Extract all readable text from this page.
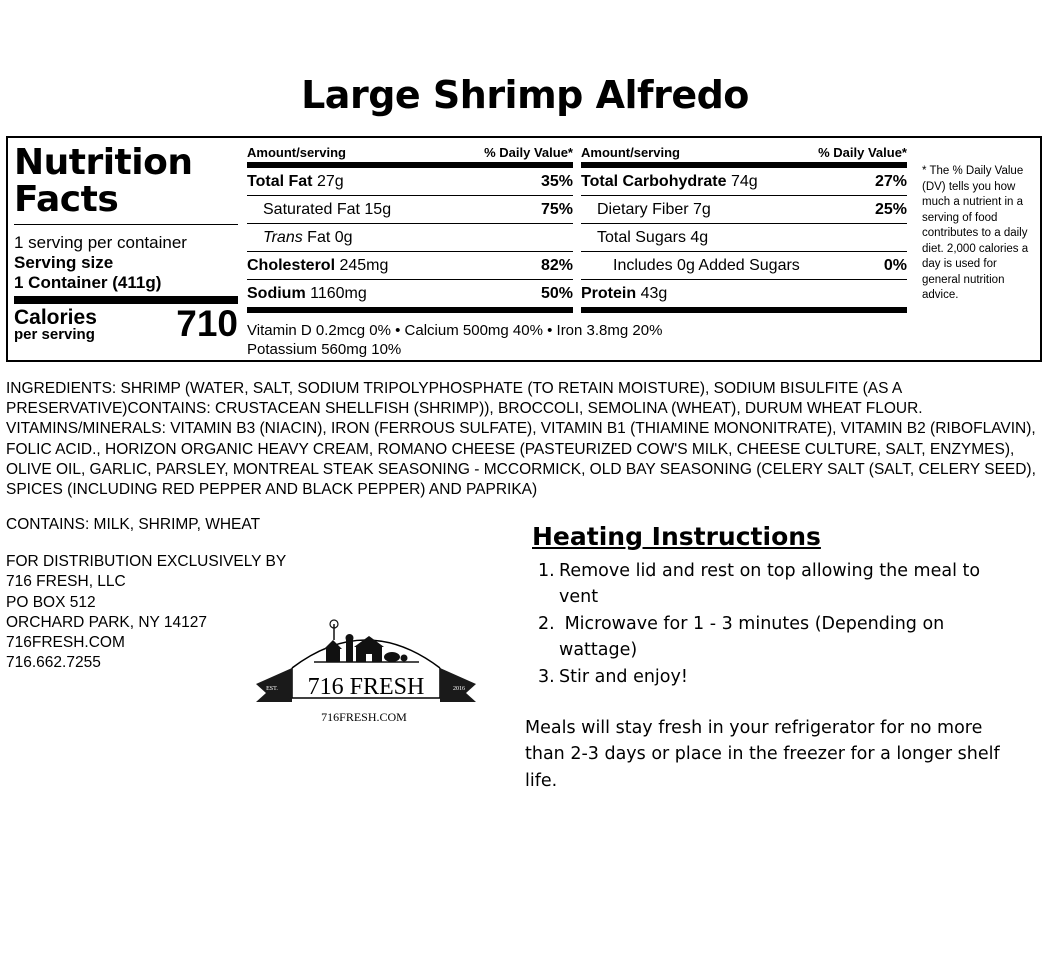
Large Shrimp Alfredo
Nutrition
Facts
1 serving per container
Serving size
1 Container (411g)
Calories
per serving 710
Amount/serving	% Daily Value*
Total Fat 27g	35%
Saturated Fat 15g	75%
Trans Fat 0g
Cholesterol 245mg	82%
Sodium 1160mg	50%
Amount/serving	% Daily Value*
Total Carbohydrate 74g	27%
Dietary Fiber 7g	25%
Total Sugars 4g
Includes 0g Added Sugars	0%
Protein 43g
Vitamin D 0.2mcg 0% • Calcium 500mg 40% • Iron 3.8mg 20%
Potassium 560mg 10%
* The % Daily Value (DV) tells you how much a nutrient in a serving of food contributes to a daily diet. 2,000 calories a day is used for general nutrition advice.
INGREDIENTS: SHRIMP (WATER, SALT, SODIUM TRIPOLYPHOSPHATE (TO RETAIN MOISTURE), SODIUM BISULFITE (AS A PRESERVATIVE)CONTAINS: CRUSTACEAN SHELLFISH (SHRIMP)), BROCCOLI, SEMOLINA (WHEAT), DURUM WHEAT FLOUR. VITAMINS/MINERALS: VITAMIN B3 (NIACIN), IRON (FERROUS SULFATE), VITAMIN B1 (THIAMINE MONONITRATE), VITAMIN B2 (RIBOFLAVIN), FOLIC ACID., HORIZON ORGANIC HEAVY CREAM, ROMANO CHEESE (PASTEURIZED COW'S MILK, CHEESE CULTURE, SALT, ENZYMES), OLIVE OIL, GARLIC, PARSLEY, MONTREAL STEAK SEASONING - MCCORMICK, OLD BAY SEASONING (CELERY SALT (SALT, CELERY SEED), SPICES (INCLUDING RED PEPPER AND BLACK PEPPER) AND PAPRIKA)
CONTAINS: MILK, SHRIMP, WHEAT
FOR DISTRIBUTION EXCLUSIVELY BY
716 FRESH, LLC
PO BOX 512
ORCHARD PARK, NY 14127
716FRESH.COM
716.662.7255
716 FRESH
EST.	2016
716FRESH.COM
Heating Instructions
1. Remove lid and rest on top allowing the meal to vent
2. Microwave for 1 - 3 minutes (Depending on wattage)
3. Stir and enjoy!
Meals will stay fresh in your refrigerator for no more than 2-3 days or place in the freezer for a longer shelf life.
